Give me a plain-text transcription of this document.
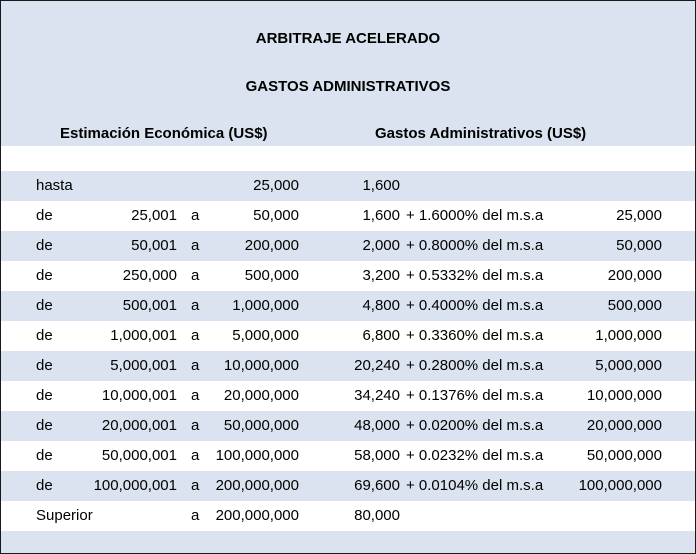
ARBITRAJE ACELERADO
GASTOS ADMINISTRATIVOS
Estimación Económica (US$)	Gastos Administrativos (US$)
hasta	25,000	1,600
de	25,001 a	50,000	1,600 + 1.6000% del m.s.a	25,000
de	50,001 a	200,000	2,000 + 0.8000% del m.s.a	50,000
de	250,000 a	500,000	3,200 + 0.5332% del m.s.a	200,000
de	500,001 a 1,000,000	4,800 + 0.4000% del m.s.a	500,000
de	1,000,001 a 5,000,000	6,800 + 0.3360% del m.s.a	1,000,000
de	5,000,001 a 10,000,000	20,240 + 0.2800% del m.s.a	5,000,000
de	10,000,001 a 20,000,000	34,240 + 0.1376% del m.s.a	10,000,000
de	20,000,001 a 50,000,000	48,000 + 0.0200% del m.s.a	20,000,000
de	50,000,001 a 100,000,000	58,000 + 0.0232% del m.s.a	50,000,000
de	100,000,001 a 200,000,000	69,600 + 0.0104% del m.s.a 100,000,000
Superior	a 200,000,000	80,000
